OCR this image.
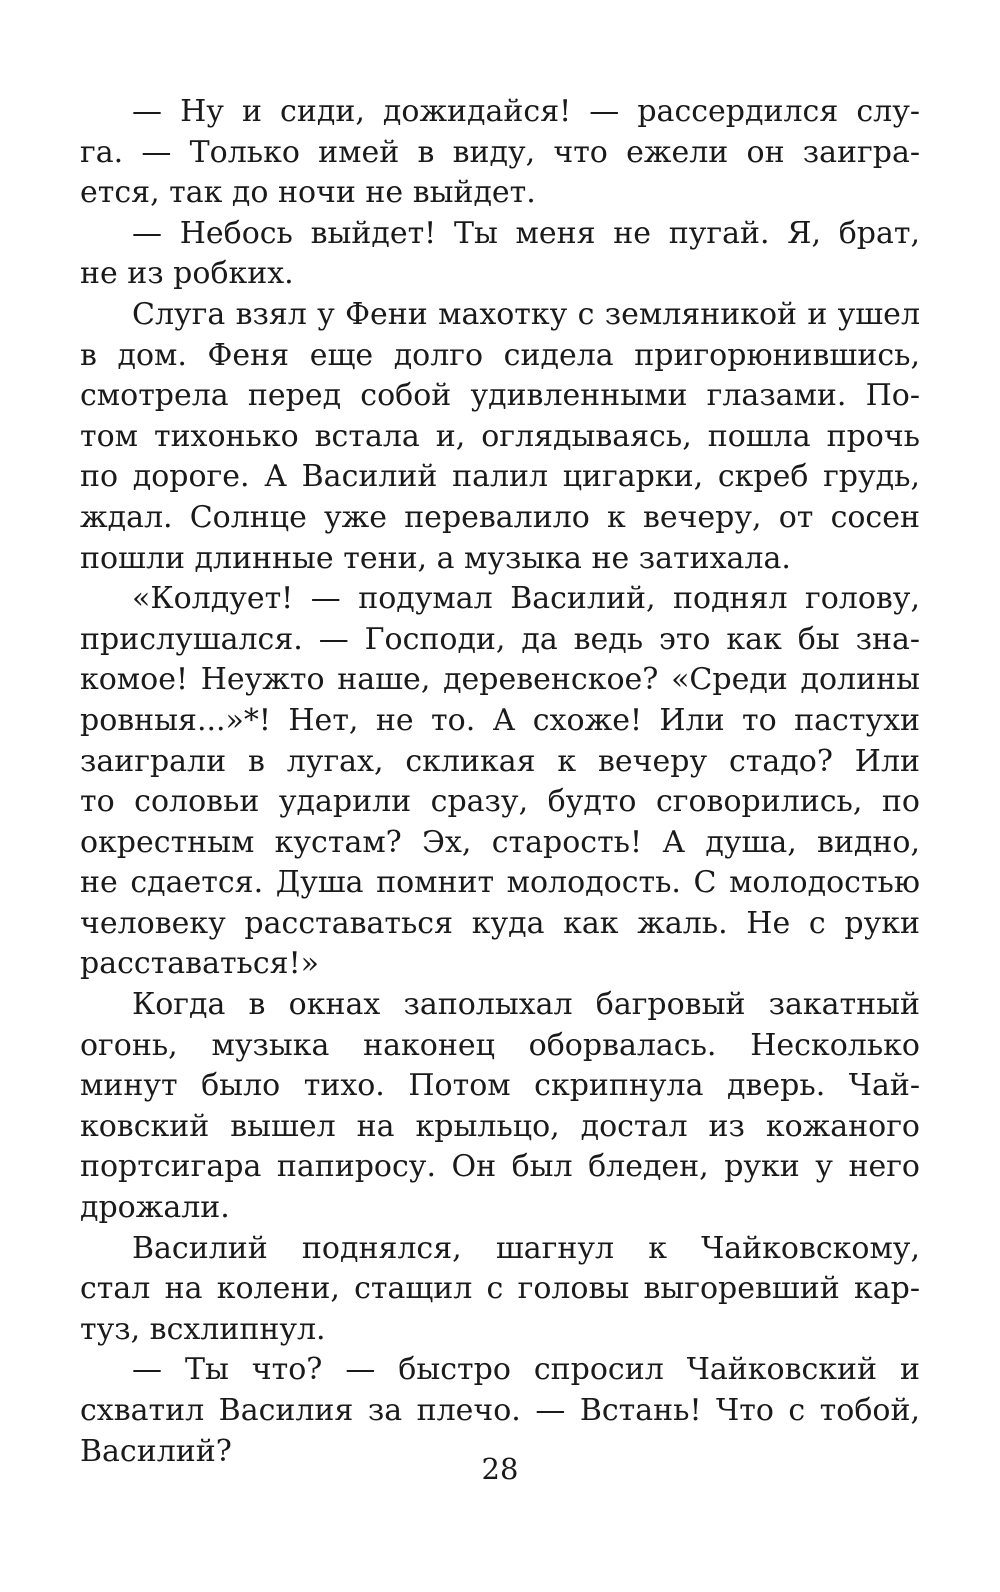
— Ну и сиди, дожидайся! — рассердился слу-
га. — Только имей в виду, что ежели он заигра-
ется, так до ночи не выйдет.
— Небось выйдет! Ты меня не пугай. Я, брат,
не из робких.
Слуга взял у Фени махотку с земляникой и ушел
в дом. Феня еще долго сидела пригорюнившись,
смотрела перед собой удивленными глазами. По-
том тихонько встала и, оглядываясь, пошла прочь
по дороге. А Василий палил цигарки, скреб грудь,
ждал. Солнце уже перевалило к вечеру, от сосен
пошли длинные тени, а музыка не затихала.
«Колдует! — подумал Василий, поднял голову,
прислушался. — Господи, да ведь это как бы зна-
комое! Неужто наше, деревенское? «Среди долины
ровныя...»*! Нет, не то. А схоже! Или то пастухи
заиграли в лугах, скликая к вечеру стадо? Или
то соловьи ударили сразу, будто сговорились, по
окрестным кустам? Эх, старость! А душа, видно,
не сдается. Душа помнит молодость. С молодостью
человеку расставаться куда как жаль. Не с руки
расставаться!»
Когда в окнах заполыхал багровый закатный
огонь, музыка наконец оборвалась. Несколько
минут было тихо. Потом скрипнула дверь. Чай-
ковский вышел на крыльцо, достал из кожаного
портсигара папиросу. Он был бледен, руки у него
дрожали.
Василий поднялся, шагнул к Чайковскому,
стал на колени, стащил с головы выгоревший кар-
туз, всхлипнул.
— Ты что? — быстро спросил Чайковский и
схватил Василия за плечо. — Встань! Что с тобой,
Василий?
28
